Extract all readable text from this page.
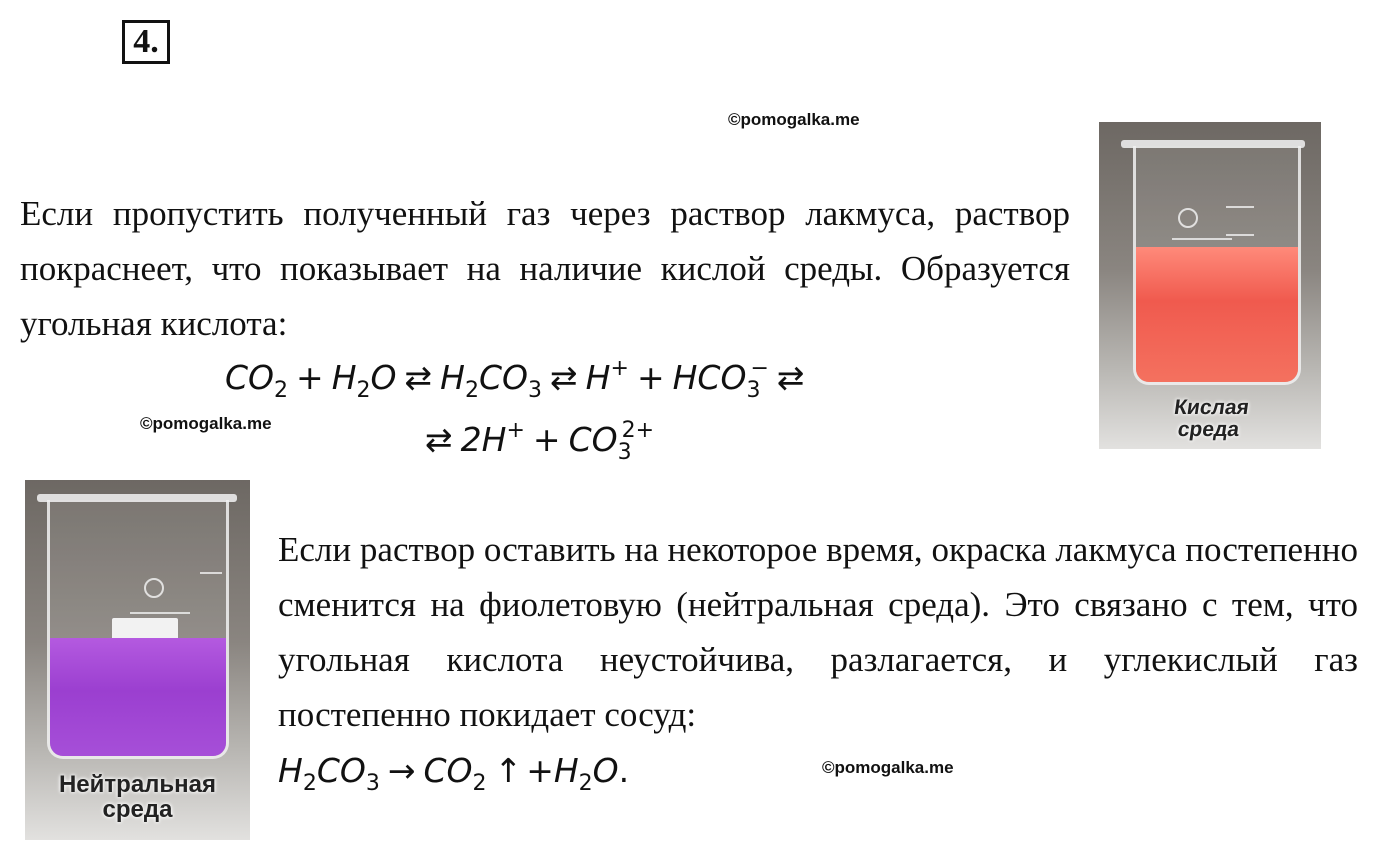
4.
©pomogalka.me
©pomogalka.me
©pomogalka.me

Если пропустить полученный газ через раствор лакмуса, раствор покраснеет, что показывает на наличие кислой среды. Образуется угольная кислота:

$CO_2 + H_2O$ ⇄ $H_2CO_3$ ⇄ $H^+ + HCO_3^-$ ⇄
⇄ $2H^+ + CO_3^{2+}$

Если раствор оставить на некоторое время, окраска лакмуса постепенно сменится на фиолетовую (нейтральная среда). Это связано с тем, что угольная кислота неустойчива, разлагается, и углекислый газ постепенно покидает сосуд:

$H_2CO_3 \to CO_2$ ↑ $+H_2O$.
Кислая
среда
Нейтральная
среда
